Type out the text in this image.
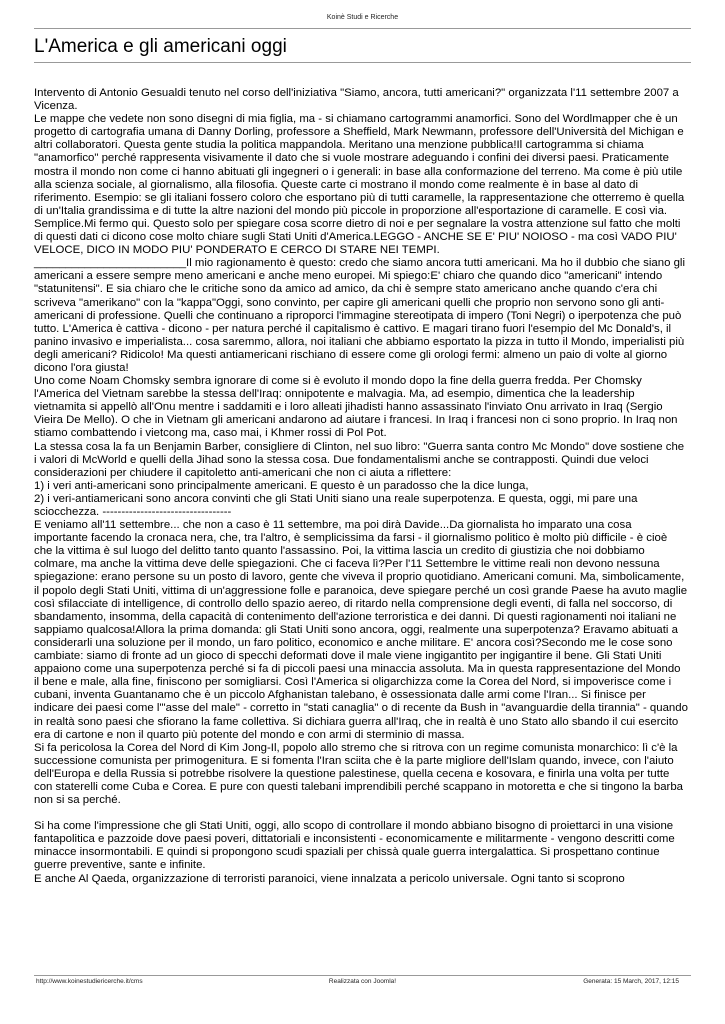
Koinè Studi e Ricerche
L'America e gli americani oggi

Intervento di Antonio Gesualdi tenuto nel corso dell'iniziativa "Siamo, ancora, tutti americani?" organizzata l'11 settembre 2007 a Vicenza.

Le mappe che vedete non sono disegni di mia figlia, ma - si chiamano cartogrammi anamorfici. Sono del Wordlmapper che è un progetto di cartografia umana di Danny Dorling, professore a Sheffield, Mark Newmann, professore dell'Università del Michigan e altri collaboratori. Questa gente studia la politica mappandola. Meritano una menzione pubblica!Il cartogramma si chiama "anamorfico" perché rappresenta visivamente il dato che si vuole mostrare adeguando i confini dei diversi paesi. Praticamente mostra il mondo non come ci hanno abituati gli ingegneri o i generali: in base alla conformazione del terreno. Ma come è più utile alla scienza sociale, al giornalismo, alla filosofia. Queste carte ci mostrano il mondo come realmente è in base al dato di riferimento. Esempio: se gli italiani fossero coloro che esportano più di tutti caramelle, la rappresentazione che otterremo è quella di un'Italia grandissima e di tutte la altre nazioni del mondo più piccole in proporzione all'esportazione di caramelle. E così via. Semplice.Mi fermo qui. Questo solo per spiegare cosa scorre dietro di noi e per segnalare la vostra attenzione sul fatto che molti di questi dati ci dicono cose molto chiare sugli Stati Uniti d'America.LEGGO - ANCHE SE E' PIU' NOIOSO - ma così VADO PIU' VELOCE, DICO IN MODO PIU' PONDERATO E CERCO DI STARE NEI TEMPI.

________________________Il mio ragionamento è questo: credo che siamo ancora tutti americani. Ma ho il dubbio che siano gli americani a essere sempre meno americani e anche meno europei. Mi spiego:E' chiaro che quando dico "americani" intendo "statunitensi". E sia chiaro che le critiche sono da amico ad amico, da chi è sempre stato americano anche quando c'era chi scriveva "amerikano" con la "kappa"Oggi, sono convinto, per capire gli americani quelli che proprio non servono sono gli anti-americani di professione. Quelli che continuano a riproporci l'immagine stereotipata di impero (Toni Negri) o iperpotenza che può tutto. L'America è cattiva - dicono - per natura perché il capitalismo è cattivo. E magari tirano fuori l'esempio del Mc Donald's, il panino invasivo e imperialista... cosa saremmo, allora, noi italiani che abbiamo esportato la pizza in tutto il Mondo, imperialisti più degli americani? Ridicolo! Ma questi antiamericani rischiano di essere come gli orologi fermi: almeno un paio di volte al giorno dicono l'ora giusta!

Uno come Noam Chomsky sembra ignorare di come si è evoluto il mondo dopo la fine della guerra fredda. Per Chomsky l'America del Vietnam sarebbe la stessa dell'Iraq: onnipotente e malvagia. Ma, ad esempio, dimentica che la leadership vietnamita si appellò all'Onu mentre i saddamiti e i loro alleati jihadisti hanno assassinato l'inviato Onu arrivato in Iraq (Sergio Vieira De Mello). O che in Vietnam gli americani andarono ad aiutare i francesi. In Iraq i francesi non ci sono proprio. In Iraq non stiamo combattendo i vietcong ma, caso mai, i Khmer rossi di Pol Pot.

La stessa cosa la fa un Benjamin Barber, consigliere di Clinton, nel suo libro: "Guerra santa contro Mc Mondo" dove sostiene che i valori di McWorld e quelli della Jihad sono la stessa cosa. Due fondamentalismi anche se contrapposti. Quindi due veloci considerazioni per chiudere il capitoletto anti-americani che non ci aiuta a riflettere:

1) i veri anti-americani sono principalmente americani. E questo è un paradosso che la dice lunga,

2) i veri-antiamericani sono ancora convinti che gli Stati Uniti siano una reale superpotenza. E questa, oggi, mi pare una sciocchezza. ----------------------------------

E veniamo all'11 settembre... che non a caso è 11 settembre, ma poi dirà Davide...Da giornalista ho imparato una cosa importante facendo la cronaca nera, che, tra l'altro, è semplicissima da farsi - il giornalismo politico è molto più difficile - è cioè che la vittima è sul luogo del delitto tanto quanto l'assassino. Poi, la vittima lascia un credito di giustizia che noi dobbiamo colmare, ma anche la vittima deve delle spiegazioni. Che ci faceva lì?Per l'11 Settembre le vittime reali non devono nessuna spiegazione: erano persone su un posto di lavoro, gente che viveva il proprio quotidiano. Americani comuni. Ma, simbolicamente, il popolo degli Stati Uniti, vittima di un'aggressione folle e paranoica, deve spiegare perché un così grande Paese ha avuto maglie così sfilacciate di intelligence, di controllo dello spazio aereo, di ritardo nella comprensione degli eventi, di falla nel soccorso, di sbandamento, insomma, della capacità di contenimento dell'azione terroristica e dei danni. Di questi ragionamenti noi italiani ne sappiamo qualcosa!Allora la prima domanda: gli Stati Uniti sono ancora, oggi, realmente una superpotenza? Eravamo abituati a considerarli una soluzione per il mondo, un faro politico, economico e anche militare. E' ancora così?Secondo me le cose sono cambiate: siamo di fronte ad un gioco di specchi deformati dove il male viene ingigantito per ingigantire il bene. Gli Stati Uniti appaiono come una superpotenza perché si fa di piccoli paesi una minaccia assoluta. Ma in questa rappresentazione del Mondo il bene e male, alla fine, finiscono per somigliarsi. Così l'America si oligarchizza come la Corea del Nord, si impoverisce come i cubani, inventa Guantanamo che è un piccolo Afghanistan talebano, è ossessionata dalle armi come l'Iran... Si finisce per indicare dei paesi come l'"asse del male" - corretto in "stati canaglia" o di recente da Bush in "avanguardie della tirannia" - quando in realtà sono paesi che sfiorano la fame collettiva. Si dichiara guerra all'Iraq, che in realtà è uno Stato allo sbando il cui esercito era di cartone e non il quarto più potente del mondo e con armi di sterminio di massa.

Si fa pericolosa la Corea del Nord di Kim Jong-Il, popolo allo stremo che si ritrova con un regime comunista monarchico: lì c'è la successione comunista per primogenitura. E si fomenta l'Iran sciita che è la parte migliore dell'Islam quando, invece, con l'aiuto dell'Europa e della Russia si potrebbe risolvere la questione palestinese, quella cecena e kosovara, e finirla una volta per tutte con staterelli come Cuba e Corea. E pure con questi talebani imprendibili perché scappano in motoretta e che si tingono la barba non si sa perché.

Si ha come l'impressione che gli Stati Uniti, oggi, allo scopo di controllare il mondo abbiano bisogno di proiettarci in una visione fantapolitica e pazzoide dove paesi poveri, dittatoriali e inconsistenti - economicamente e militarmente - vengono descritti come minacce insormontabili. E quindi si propongono scudi spaziali per chissà quale guerra intergalattica. Si prospettano continue guerre preventive, sante e infinite.

E anche Al Qaeda, organizzazione di terroristi paranoici, viene innalzata a pericolo universale. Ogni tanto si scoprono

http://www.koinestudiericerche.it/cms	Realizzata con Joomla!	Generata: 15 March, 2017, 12:15
